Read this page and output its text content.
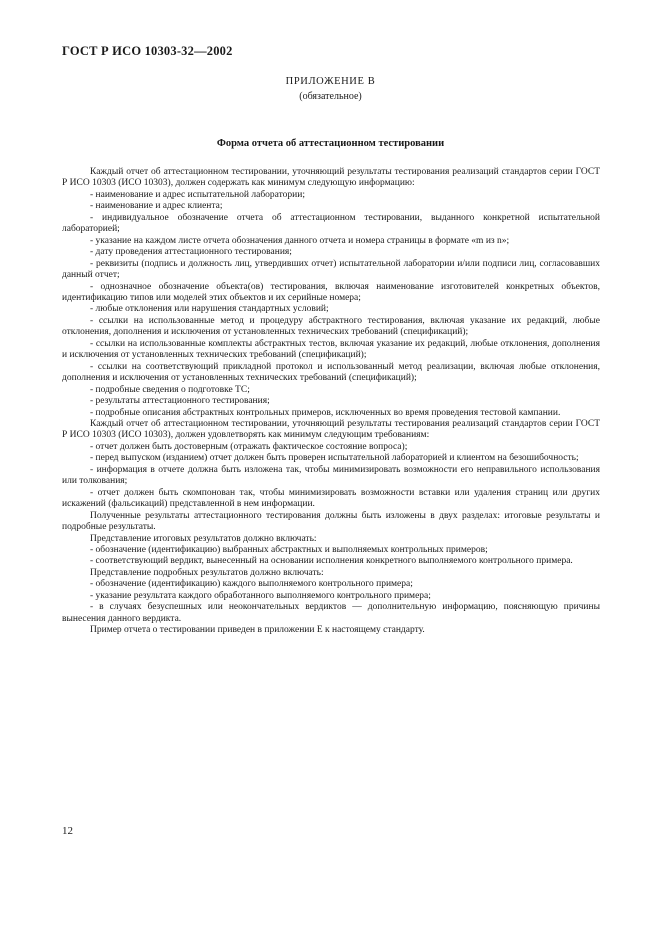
ГОСТ Р ИСО 10303-32—2002
ПРИЛОЖЕНИЕ В
(обязательное)
Форма отчета об аттестационном тестировании

Каждый отчет об аттестационном тестировании, уточняющий результаты тестирования реализаций стандартов серии ГОСТ Р ИСО 10303 (ИСО 10303), должен содержать как минимум следующую информацию:

- наименование и адрес испытательной лаборатории;

- наименование и адрес клиента;

- индивидуальное обозначение отчета об аттестационном тестировании, выданного конкретной испытательной лабораторией;

- указание на каждом листе отчета обозначения данного отчета и номера страницы в формате «m из n»;

- дату проведения аттестационного тестирования;

- реквизиты (подпись и должность лиц, утвердивших отчет) испытательной лаборатории и/или подписи лиц, согласовавших данный отчет;

- однозначное обозначение объекта(ов) тестирования, включая наименование изготовителей конкретных объектов, идентификацию типов или моделей этих объектов и их серийные номера;

- любые отклонения или нарушения стандартных условий;

- ссылки на использованные метод и процедуру абстрактного тестирования, включая указание их редакций, любые отклонения, дополнения и исключения от установленных технических требований (спецификаций);

- ссылки на использованные комплекты абстрактных тестов, включая указание их редакций, любые отклонения, дополнения и исключения от установленных технических требований (спецификаций);

- ссылки на соответствующий прикладной протокол и использованный метод реализации, включая любые отклонения, дополнения и исключения от установленных технических требований (спецификаций);

- подробные сведения о подготовке ТС;

- результаты аттестационного тестирования;

- подробные описания абстрактных контрольных примеров, исключенных во время проведения тестовой кампании.

Каждый отчет об аттестационном тестировании, уточняющий результаты тестирования реализаций стандартов серии ГОСТ Р ИСО 10303 (ИСО 10303), должен удовлетворять как минимум следующим требованиям:

- отчет должен быть достоверным (отражать фактическое состояние вопроса);

- перед выпуском (изданием) отчет должен быть проверен испытательной лабораторией и клиентом на безошибочность;

- информация в отчете должна быть изложена так, чтобы минимизировать возможности его неправильного использования или толкования;

- отчет должен быть скомпонован так, чтобы минимизировать возможности вставки или удаления страниц или других искажений (фальсикаций) представленной в нем информации.

Полученные результаты аттестационного тестирования должны быть изложены в двух разделах: итоговые результаты и подробные результаты.

Представление итоговых результатов должно включать:

- обозначение (идентификацию) выбранных абстрактных и выполняемых контрольных примеров;

- соответствующий вердикт, вынесенный на основании исполнения конкретного выполняемого контрольного примера.

Представление подробных результатов должно включать:

- обозначение (идентификацию) каждого выполняемого контрольного примера;

- указание результата каждого обработанного выполняемого контрольного примера;

- в случаях безуспешных или неокончательных вердиктов — дополнительную информацию, поясняющую причины вынесения данного вердикта.

Пример отчета о тестировании приведен в приложении Е к настоящему стандарту.

12
